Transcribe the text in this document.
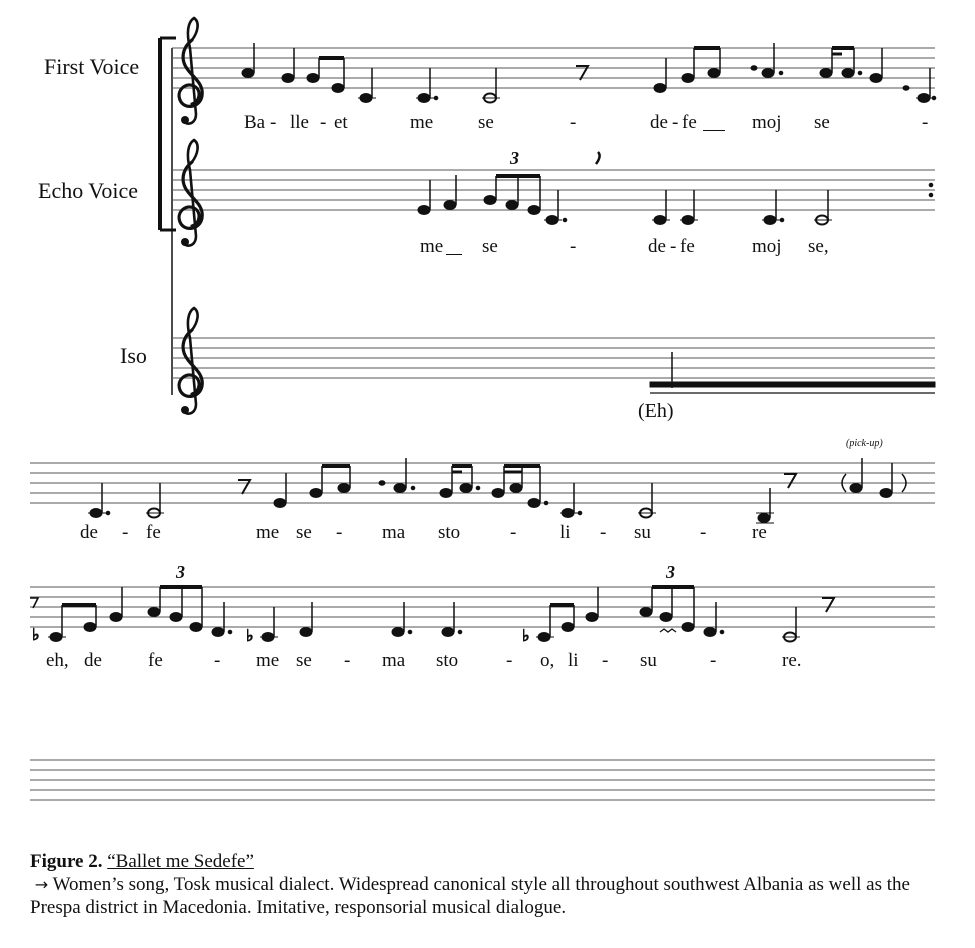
♭	♭	♭
First Voice
Echo Voice
Iso
3
3	3
Ba - lle - et	me se	-	de - fe	moj se	-
me se	-	de - fe	moj se,
(Eh)
(pick-up)
de - fe	me se - ma sto	- li - su	- re
eh, de fe	- me se - ma sto	- o, li - su	-	re.
Figure 2. “Ballet me Sedefe”
→ Women’s song, Tosk musical dialect. Widespread canonical style all throughout southwest Albania as well as the Prespa district in Macedonia. Imitative, responsorial musical dialogue.
